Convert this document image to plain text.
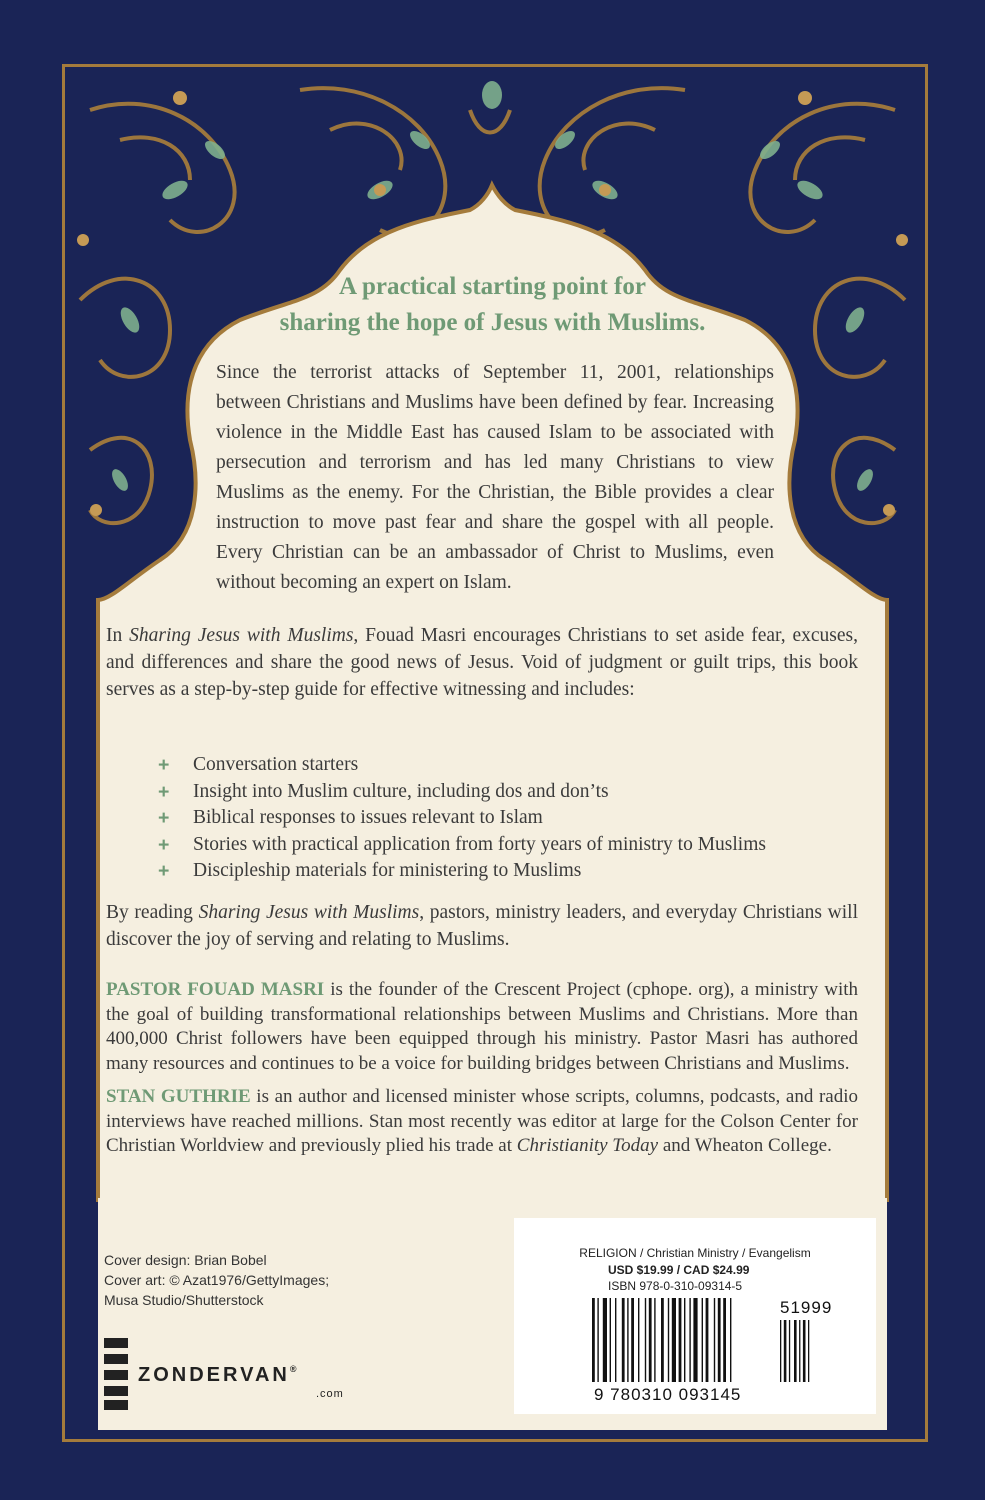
A practical starting point for
sharing the hope of Jesus with Muslims.
Since the terrorist attacks of September 11, 2001, relationships between Christians and Muslims have been defined by fear. Increasing violence in the Middle East has caused Islam to be associated with persecution and terrorism and has led many Christians to view Muslims as the enemy. For the Christian, the Bible provides a clear instruction to move past fear and share the gospel with all people. Every Christian can be an ambassador of Christ to Muslims, even without becoming an expert on Islam.
In Sharing Jesus with Muslims, Fouad Masri encourages Christians to set aside fear, excuses, and differences and share the good news of Jesus. Void of judgment or guilt trips, this book serves as a step-by-step guide for effective witnessing and includes:
+ Conversation starters
+ Insight into Muslim culture, including dos and don’ts
+ Biblical responses to issues relevant to Islam
+ Stories with practical application from forty years of ministry to Muslims
+ Discipleship materials for ministering to Muslims
By reading Sharing Jesus with Muslims, pastors, ministry leaders, and everyday Christians will discover the joy of serving and relating to Muslims.
PASTOR FOUAD MASRI is the founder of the Crescent Project (cphope. org), a ministry with the goal of building transformational relationships between Muslims and Christians. More than 400,000 Christ followers have been equipped through his ministry. Pastor Masri has authored many resources and continues to be a voice for building bridges between Christians and Muslims.
STAN GUTHRIE is an author and licensed minister whose scripts, columns, podcasts, and radio interviews have reached millions. Stan most recently was editor at large for the Colson Center for Christian Worldview and previously plied his trade at Christianity Today and Wheaton College.
Cover design: Brian Bobel
Cover art: © Azat1976/GettyImages;
Musa Studio/Shutterstock
ZONDERVAN®
.com
RELIGION / Christian Ministry / Evangelism
USD $19.99 / CAD $24.99
ISBN 978-0-310-09314-5
51999
9 780310 093145
